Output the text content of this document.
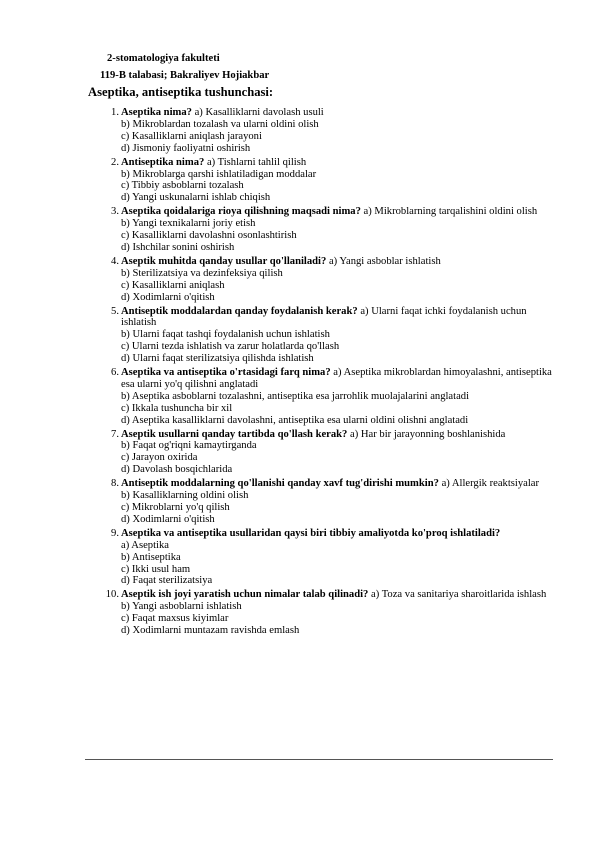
2-stomatologiya fakulteti
119-B talabasi; Bakraliyev Hojiakbar
Aseptika, antiseptika tushunchasi:
1. Aseptika nima? a) Kasalliklarni davolash usuli
b) Mikroblardan tozalash va ularni oldini olish
c) Kasalliklarni aniqlash jarayoni
d) Jismoniy faoliyatni oshirish
2. Antiseptika nima? a) Tishlarni tahlil qilish
b) Mikroblarga qarshi ishlatiladigan moddalar
c) Tibbiy asboblarni tozalash
d) Yangi uskunalarni ishlab chiqish
3. Aseptika qoidalariga rioya qilishning maqsadi nima? a) Mikroblarning tarqalishini oldini olish
b) Yangi texnikalarni joriy etish
c) Kasalliklarni davolashni osonlashtirish
d) Ishchilar sonini oshirish
4. Aseptik muhitda qanday usullar qo'llaniladi? a) Yangi asboblar ishlatish
b) Sterilizatsiya va dezinfeksiya qilish
c) Kasalliklarni aniqlash
d) Xodimlarni o'qitish
5. Antiseptik moddalardan qanday foydalanish kerak? a) Ularni faqat ichki foydalanish uchun ishlatish
b) Ularni faqat tashqi foydalanish uchun ishlatish
c) Ularni tezda ishlatish va zarur holatlarda qo'llash
d) Ularni faqat sterilizatsiya qilishda ishlatish
6. Aseptika va antiseptika o'rtasidagi farq nima? a) Aseptika mikroblardan himoyalashni, antiseptika esa ularni yo'q qilishni anglatadi
b) Aseptika asboblarni tozalashni, antiseptika esa jarrohlik muolajalarini anglatadi
c) Ikkala tushuncha bir xil
d) Aseptika kasalliklarni davolashni, antiseptika esa ularni oldini olishni anglatadi
7. Aseptik usullarni qanday tartibda qo'llash kerak? a) Har bir jarayonning boshlanishida
b) Faqat og'riqni kamaytirganda
c) Jarayon oxirida
d) Davolash bosqichlarida
8. Antiseptik moddalarning qo'llanishi qanday xavf tug'dirishi mumkin? a) Allergik reaktsiyalar
b) Kasalliklarning oldini olish
c) Mikroblarni yo'q qilish
d) Xodimlarni o'qitish
9. Aseptika va antiseptika usullaridan qaysi biri tibbiy amaliyotda ko'proq ishlatiladi?
a) Aseptika
b) Antiseptika
c) Ikki usul ham
d) Faqat sterilizatsiya
10. Aseptik ish joyi yaratish uchun nimalar talab qilinadi? a) Toza va sanitariya sharoitlarida ishlash
b) Yangi asboblarni ishlatish
c) Faqat maxsus kiyimlar
d) Xodimlarni muntazam ravishda emlash
